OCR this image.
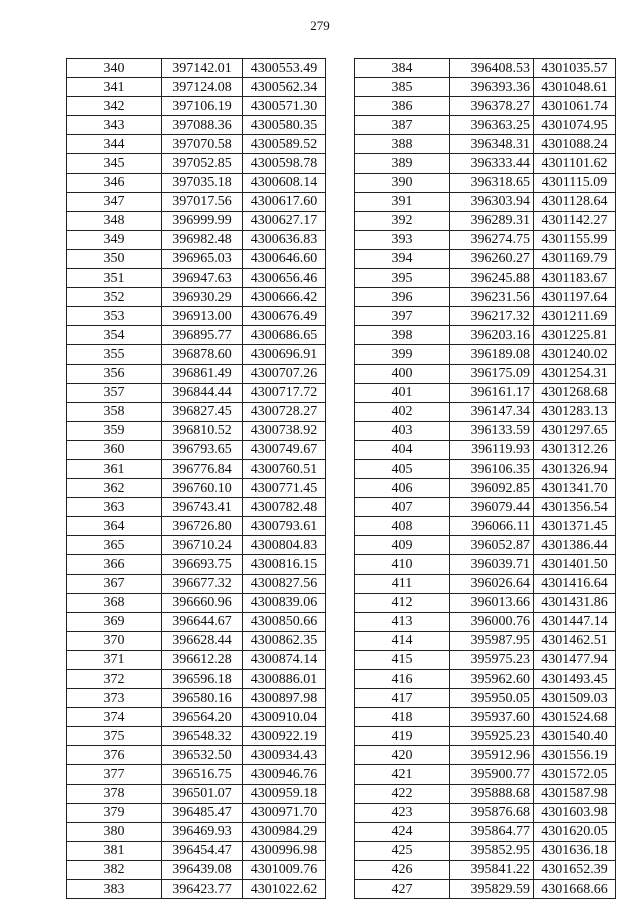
279
340	397142.01	4300553.49
341	397124.08	4300562.34
342	397106.19	4300571.30
343	397088.36	4300580.35
344	397070.58	4300589.52
345	397052.85	4300598.78
346	397035.18	4300608.14
347	397017.56	4300617.60
348	396999.99	4300627.17
349	396982.48	4300636.83
350	396965.03	4300646.60
351	396947.63	4300656.46
352	396930.29	4300666.42
353	396913.00	4300676.49
354	396895.77	4300686.65
355	396878.60	4300696.91
356	396861.49	4300707.26
357	396844.44	4300717.72
358	396827.45	4300728.27
359	396810.52	4300738.92
360	396793.65	4300749.67
361	396776.84	4300760.51
362	396760.10	4300771.45
363	396743.41	4300782.48
364	396726.80	4300793.61
365	396710.24	4300804.83
366	396693.75	4300816.15
367	396677.32	4300827.56
368	396660.96	4300839.06
369	396644.67	4300850.66
370	396628.44	4300862.35
371	396612.28	4300874.14
372	396596.18	4300886.01
373	396580.16	4300897.98
374	396564.20	4300910.04
375	396548.32	4300922.19
376	396532.50	4300934.43
377	396516.75	4300946.76
378	396501.07	4300959.18
379	396485.47	4300971.70
380	396469.93	4300984.29
381	396454.47	4300996.98
382	396439.08	4301009.76
383	396423.77	4301022.62
384	396408.53	4301035.57
385	396393.36	4301048.61
386	396378.27	4301061.74
387	396363.25	4301074.95
388	396348.31	4301088.24
389	396333.44	4301101.62
390	396318.65	4301115.09
391	396303.94	4301128.64
392	396289.31	4301142.27
393	396274.75	4301155.99
394	396260.27	4301169.79
395	396245.88	4301183.67
396	396231.56	4301197.64
397	396217.32	4301211.69
398	396203.16	4301225.81
399	396189.08	4301240.02
400	396175.09	4301254.31
401	396161.17	4301268.68
402	396147.34	4301283.13
403	396133.59	4301297.65
404	396119.93	4301312.26
405	396106.35	4301326.94
406	396092.85	4301341.70
407	396079.44	4301356.54
408	396066.11	4301371.45
409	396052.87	4301386.44
410	396039.71	4301401.50
411	396026.64	4301416.64
412	396013.66	4301431.86
413	396000.76	4301447.14
414	395987.95	4301462.51
415	395975.23	4301477.94
416	395962.60	4301493.45
417	395950.05	4301509.03
418	395937.60	4301524.68
419	395925.23	4301540.40
420	395912.96	4301556.19
421	395900.77	4301572.05
422	395888.68	4301587.98
423	395876.68	4301603.98
424	395864.77	4301620.05
425	395852.95	4301636.18
426	395841.22	4301652.39
427	395829.59	4301668.66
